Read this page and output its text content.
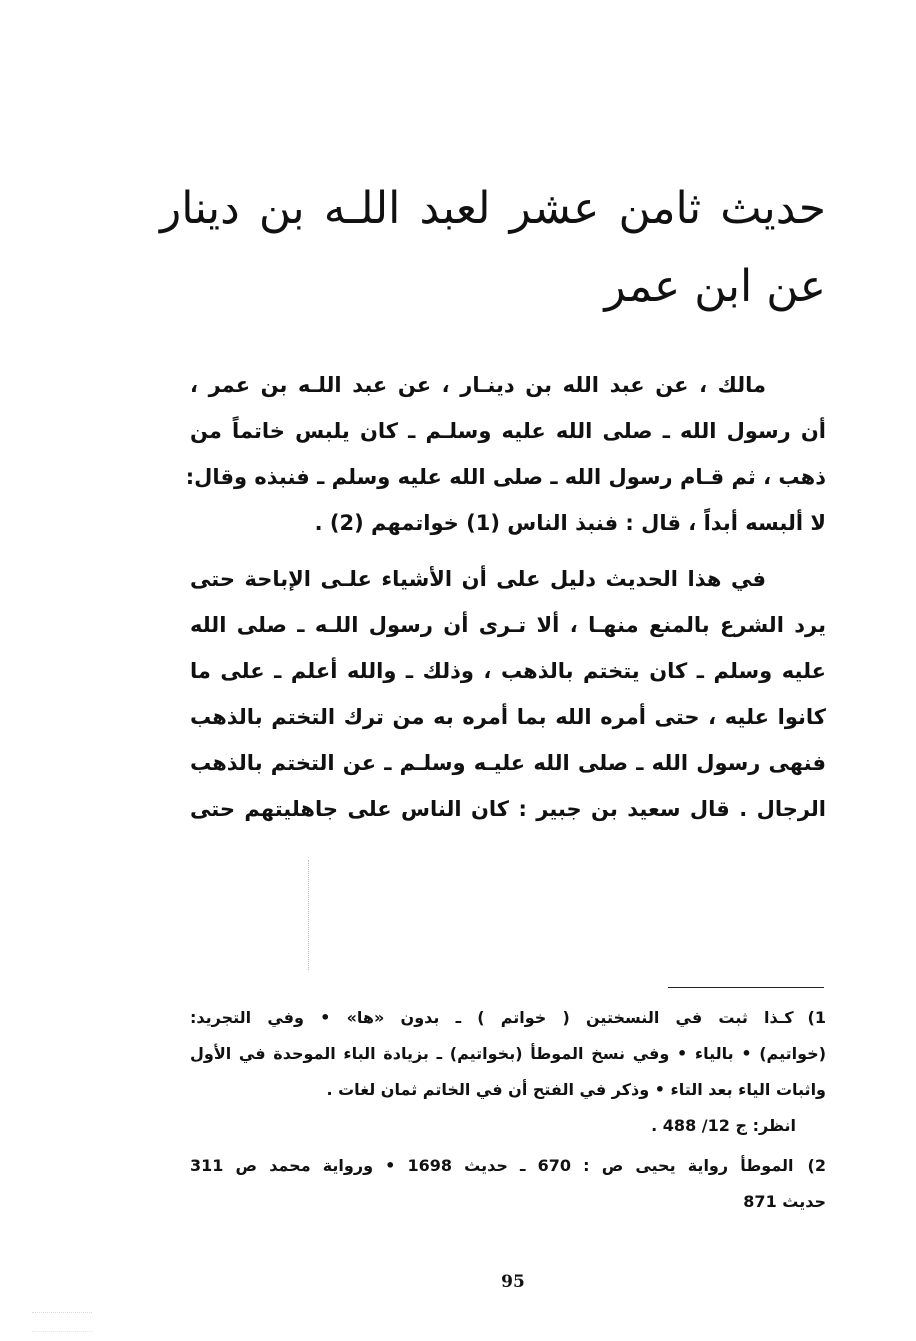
حديث ثامن عشر لعبد اللـه بن دينار
عن ابن عمر
مالك ، عن عبد الله بن دينـار ، عن عبد اللـه بن عمر ،
أن رسول الله ـ صلى الله عليه وسلـم ـ كان يلبس خاتماً من
ذهب ، ثم قـام رسول الله ـ صلى الله عليه وسلم ـ فنبذه وقال:
لا ألبسه أبداً ، قال : فنبذ الناس (1) خواتمهم (2) .
في هذا الحديث دليل على أن الأشياء علـى الإباحة حتى
يرد الشرع بالمنع منهـا ، ألا تـرى أن رسول اللـه ـ صلى الله
عليه وسلم ـ كان يتختم بالذهب ، وذلك ـ والله أعلم ـ على ما
كانوا عليه ، حتى أمره الله بما أمره به من ترك التختم بالذهب
فنهى رسول الله ـ صلى الله عليـه وسلـم ـ عن التختم بالذهب
الرجال . قال سعيد بن جبير : كان الناس على جاهليتهم حتى
1)كـذا ثبت في النسختين ( خواتم ) ـ بدون «ها» • وفي التجريد:
(خواتيم) • بالياء • وفي نسخ الموطأ (بخواتيم) ـ بزيادة الباء الموحدة في الأول
واثبات الياء بعد التاء • وذكر في الفتح أن في الخاتم ثمان لغات .
انظر: ج 12/ 488 .
2)الموطأ رواية يحيى ص : 670 ـ حديث 1698 • ورواية محمد ص 311
حديث 871
95
